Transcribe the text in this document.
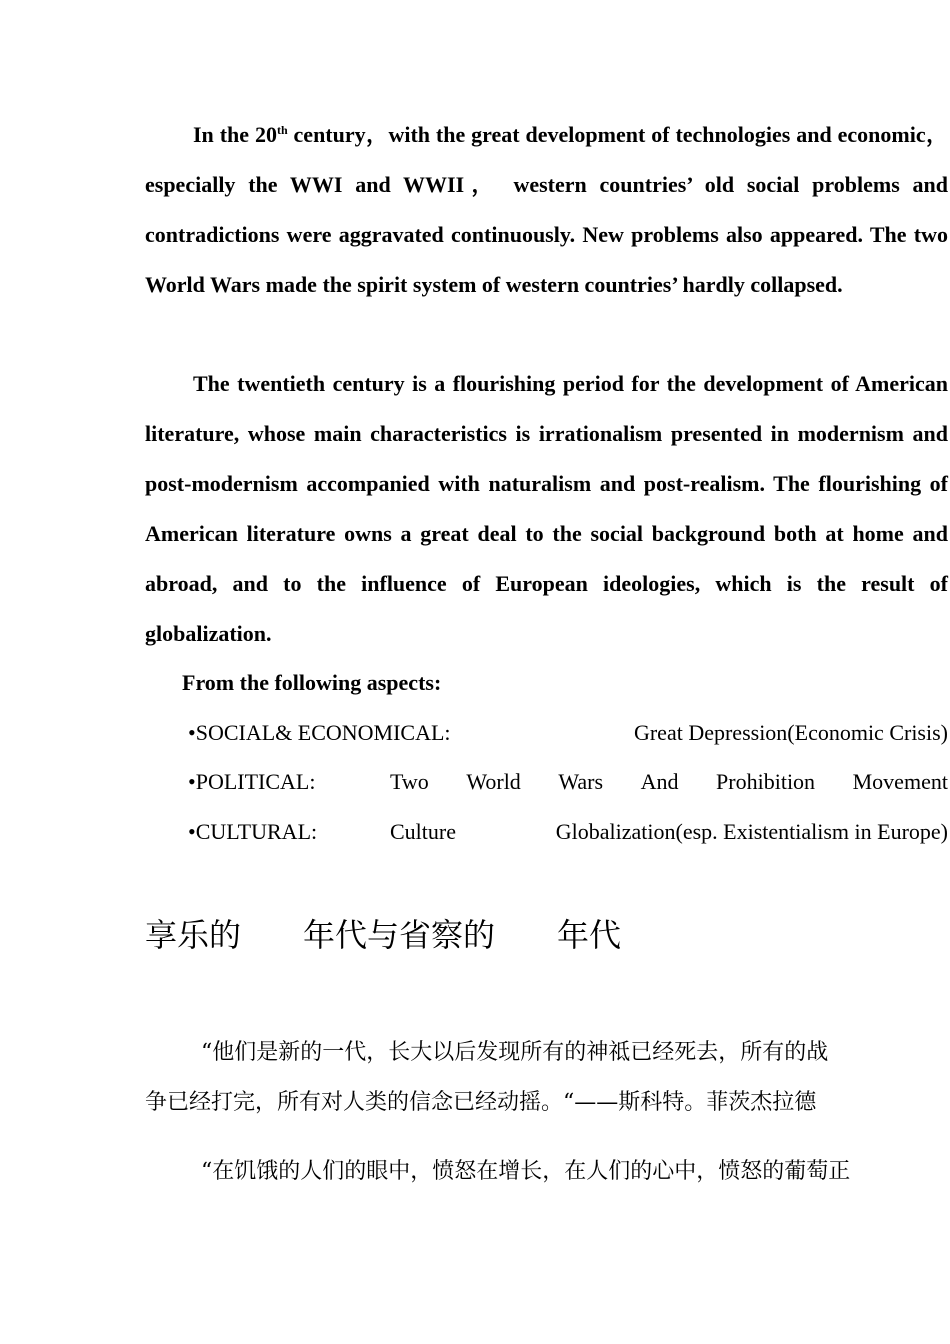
In the 20th century，with the great development of technologies and economic，especially the WWI and WWII， western countries’ old social problems and contradictions were aggravated continuously. New problems also appeared. The two World Wars made the spirit system of western countries’ hardly collapsed.

The twentieth century is a flourishing period for the development of American literature, whose main characteristics is irrationalism presented in modernism and post-modernism accompanied with naturalism and post-realism. The flourishing of American literature owns a great deal to the social background both at home and abroad, and to the influence of European ideologies, which is the result of globalization.

From the following aspects:

•SOCIAL& ECONOMICAL:	Great Depression(Economic Crisis)
•POLITICAL:	Two World Wars And Prohibition Movement
•CULTURAL:	Culture	Globalization(esp. Existentialism in Europe)
享乐的 年代与省察的 年代

“他们是新的一代，长大以后发现所有的神祗已经死去，所有的战
争已经打完，所有对人类的信念已经动摇。“——斯科特。菲茨杰拉德

“在饥饿的人们的眼中，愤怒在增长，在人们的心中，愤怒的葡萄正
